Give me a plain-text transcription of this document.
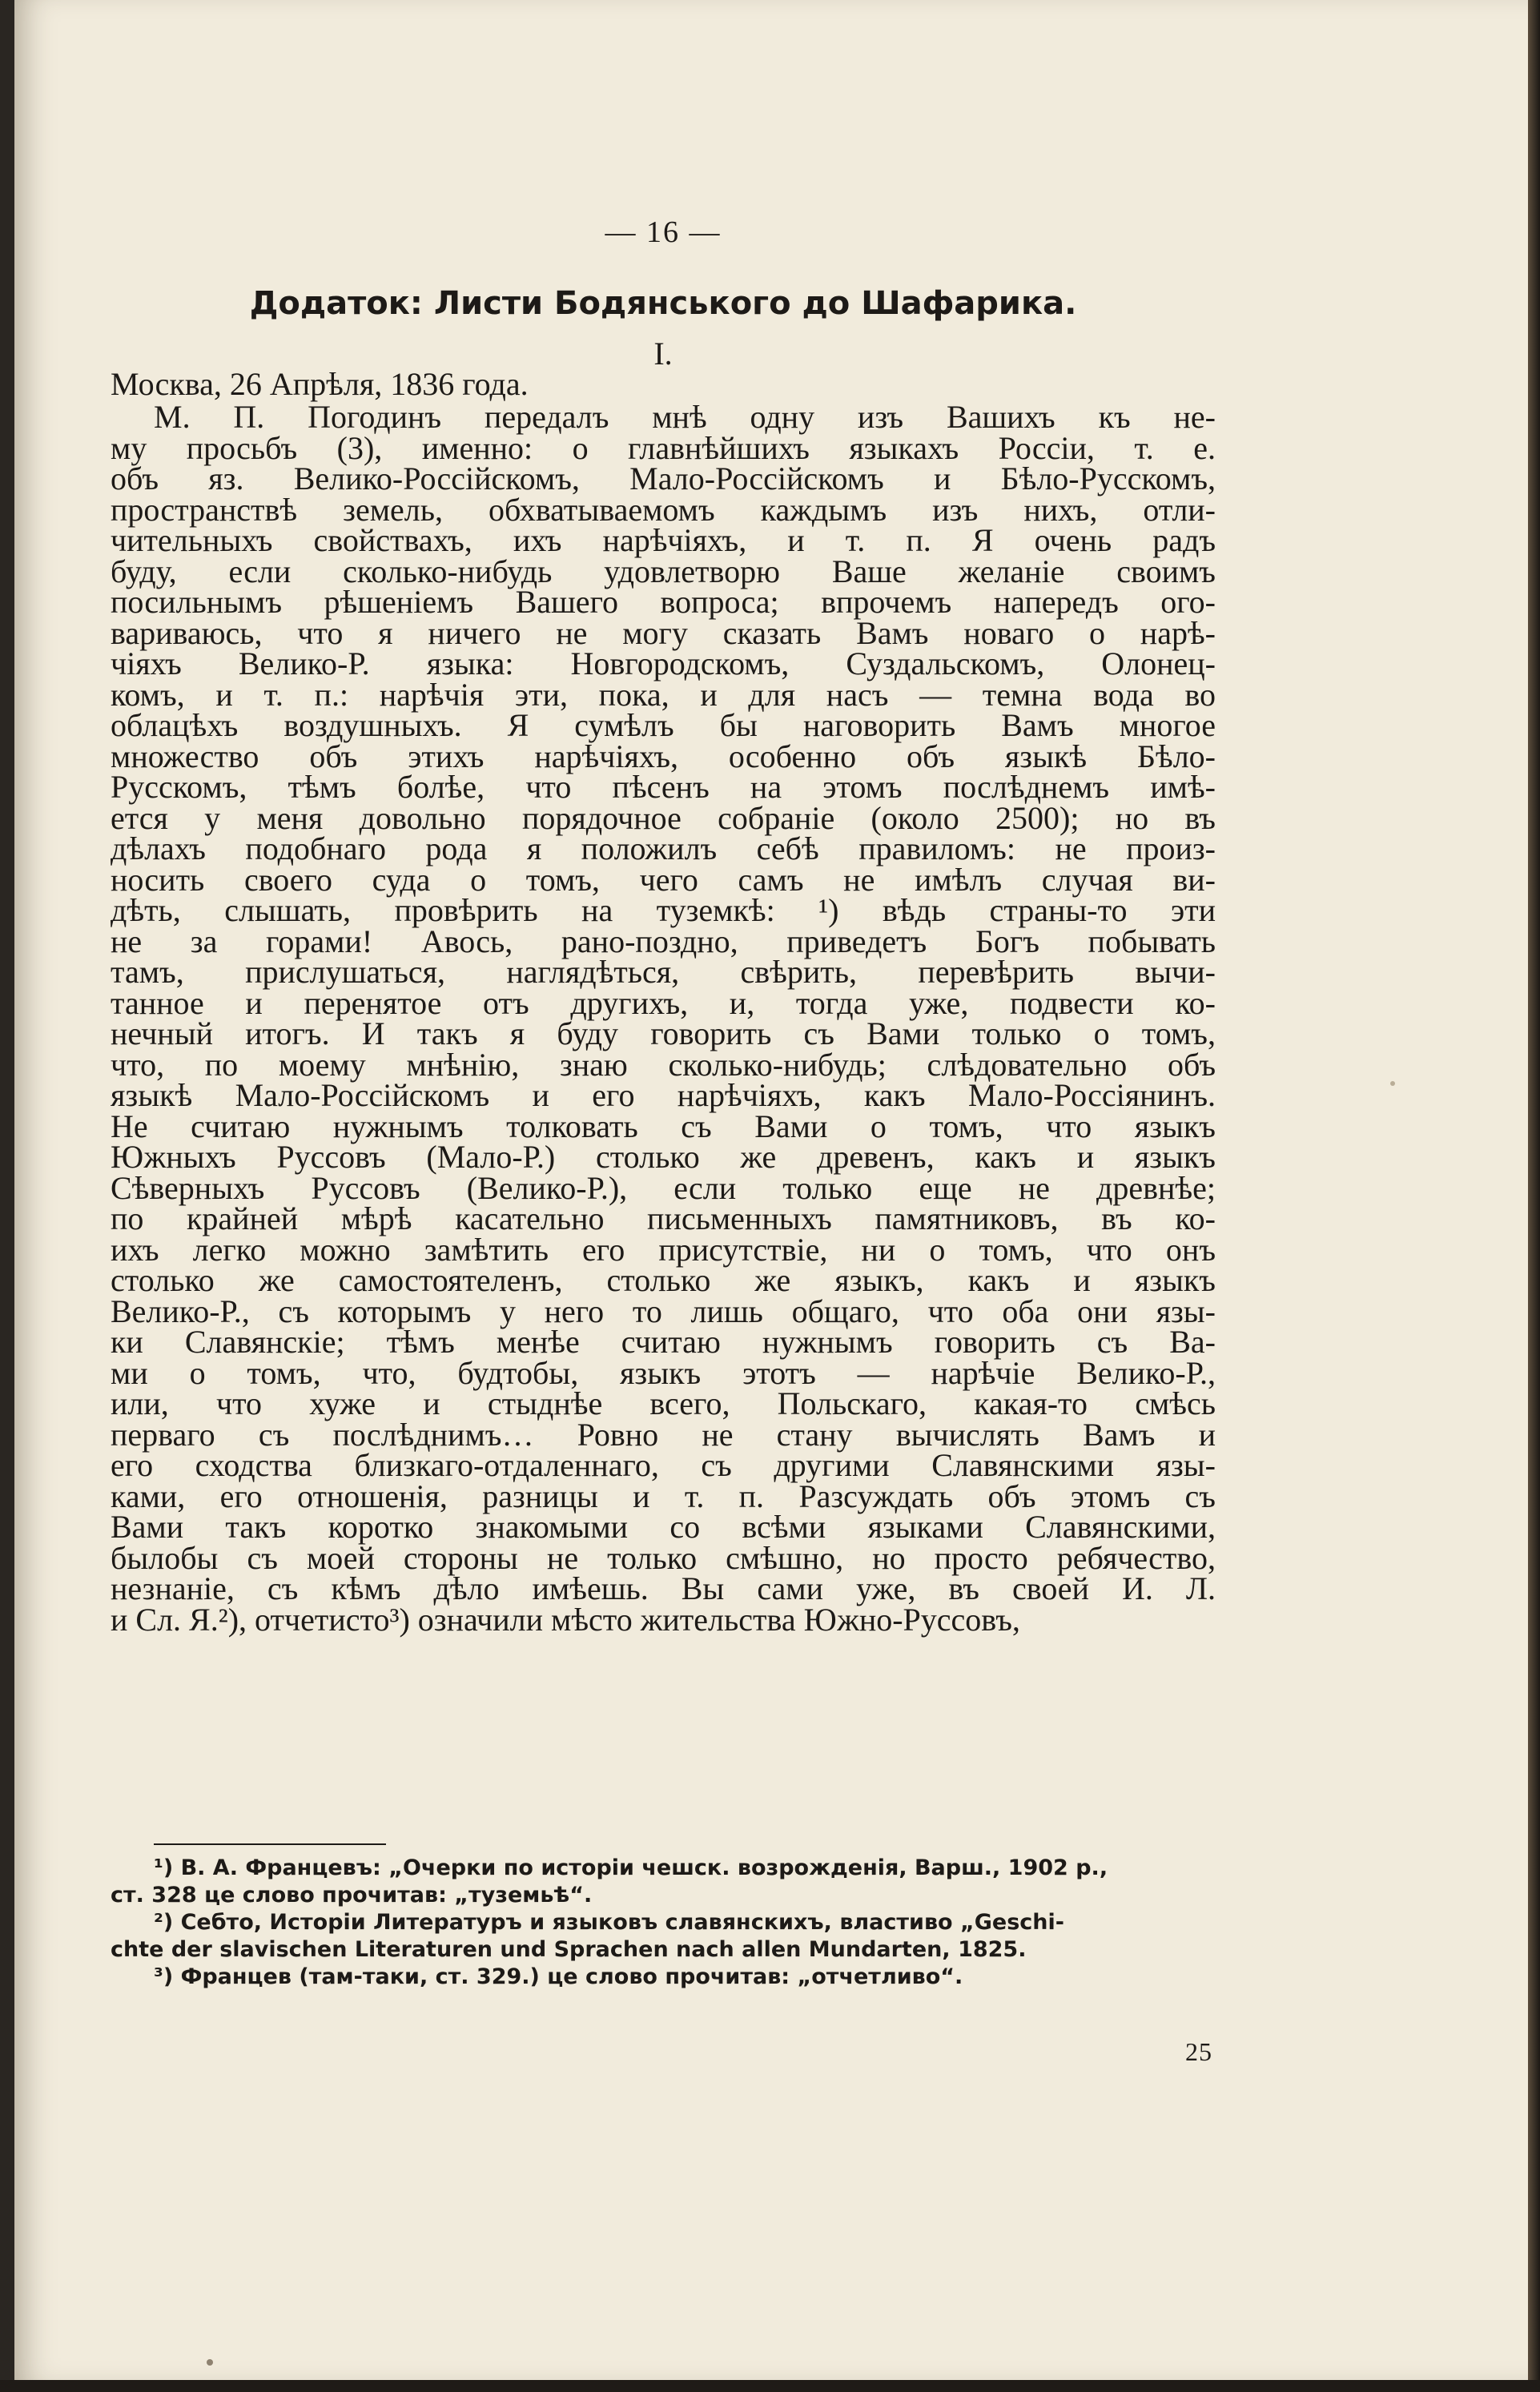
— 16 —
Додаток: Листи Бодянського до Шафарика.
I.
Москва, 26 Апрѣля, 1836 года.
М. П. Погодинъ передалъ мнѣ одну изъ Вашихъ къ не-
му просьбъ (3), именно: о главнѣйшихъ языкахъ Россiи, т. е.
объ яз. Велико-Россiйскомъ, Мало-Россiйскомъ и Бѣло-Русскомъ,
пространствѣ земель, обхватываемомъ каждымъ изъ нихъ, отли-
чительныхъ свойствахъ, ихъ нарѣчiяхъ, и т. п. Я очень радъ
буду, если сколько-нибудь удовлетворю Ваше желанiе своимъ
посильнымъ рѣшенiемъ Вашего вопроса; впрочемъ напередъ ого-
вариваюсь, что я ничего не могу сказать Вамъ новаго о нарѣ-
чiяхъ Велико-Р. языка: Новгородскомъ, Суздальскомъ, Олонец-
комъ, и т. п.: нарѣчiя эти, пока, и для насъ — темна вода во
облацѣхъ воздушныхъ. Я сумѣлъ бы наговорить Вамъ многое
множество объ этихъ нарѣчiяхъ, особенно объ языкѣ Бѣло-
Русскомъ, тѣмъ болѣе, что пѣсенъ на этомъ послѣднемъ имѣ-
ется у меня довольно порядочное собранiе (около 2500); но въ
дѣлахъ подобнаго рода я положилъ себѣ правиломъ: не произ-
носить своего суда о томъ, чего самъ не имѣлъ случая ви-
дѣть, слышать, провѣрить на туземкѣ: ¹) вѣдь страны-то эти
не за горами! Авось, рано-поздно, приведетъ Богъ побывать
тамъ, прислушаться, наглядѣться, свѣрить, перевѣрить вычи-
танное и перенятое отъ другихъ, и, тогда уже, подвести ко-
нечный итогъ. И такъ я буду говорить съ Вами только о томъ,
что, по моему мнѣнiю, знаю сколько-нибудь; слѣдовательно объ
языкѣ Мало-Россiйскомъ и его нарѣчiяхъ, какъ Мало-Россiянинъ.
Не считаю нужнымъ толковать съ Вами о томъ, что языкъ
Южныхъ Руссовъ (Мало-Р.) столько же древенъ, какъ и языкъ
Сѣверныхъ Руссовъ (Велико-Р.), если только еще не древнѣе;
по крайней мѣрѣ касательно письменныхъ памятниковъ, въ ко-
ихъ легко можно замѣтить его присутствiе, ни о томъ, что онъ
столько же самостоятеленъ, столько же языкъ, какъ и языкъ
Велико-Р., съ которымъ у него то лишь общаго, что оба они язы-
ки Славянскiе; тѣмъ менѣе считаю нужнымъ говорить съ Ва-
ми о томъ, что, будтобы, языкъ этотъ — нарѣчiе Велико-Р.,
или, что хуже и стыднѣе всего, Польскаго, какая-то смѣсь
перваго съ послѣднимъ… Ровно не стану вычислять Вамъ и
его сходства близкаго-отдаленнаго, съ другими Славянскими язы-
ками, его отношенiя, разницы и т. п. Разсуждать объ этомъ съ
Вами такъ коротко знакомыми со всѣми языками Славянскими,
былобы съ моей стороны не только смѣшно, но просто ребячество,
незнанiе, съ кѣмъ дѣло имѣешь. Вы сами уже, въ своей И. Л.
и Сл. Я.²), отчетисто³) означили мѣсто жительства Южно-Руссовъ,
¹) В. А. Францевъ: „Очерки по исторiи чешск. возрожденiя, Варш., 1902 р.,
ст. 328 це слово прочитав: „туземьѣ“.
²) Себто, Исторiи Литературъ и языковъ славянскихъ, властиво „Geschi-
chte der slavischen Literaturen und Sprachen nach allen Mundarten, 1825.
³) Францев (там-таки, ст. 329.) це слово прочитав: „отчетливо“.
25
